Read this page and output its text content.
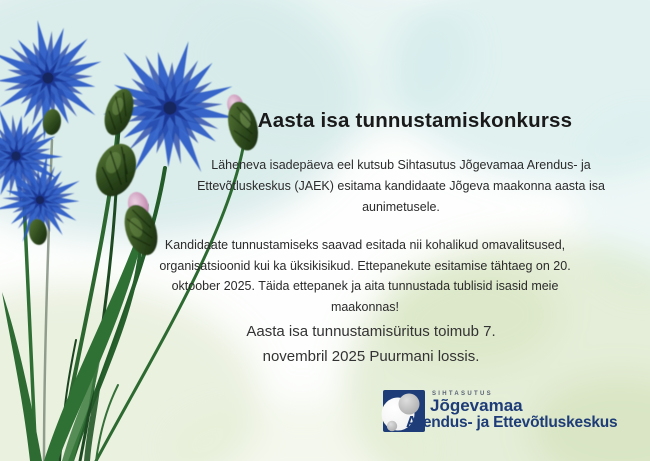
Aasta isa tunnustamiskonkurss
Läheneva isadepäeva eel kutsub Sihtasutus Jõgevamaa Arendus- ja
Ettevõtluskeskus (JAEK) esitama kandidaate Jõgeva maakonna aasta isa
aunimetusele.
Kandidaate tunnustamiseks saavad esitada nii kohalikud omavalitsused,
organisatsioonid kui ka üksikisikud. Ettepanekute esitamise tähtaeg on 20.
oktoober 2025. Täida ettepanek ja aita tunnustada tublisid isasid meie
maakonnas!
Aasta isa tunnustamisüritus toimub 7.
novembril 2025 Puurmani lossis.
SIHTASUTUS
Jõgevamaa
Arendus- ja Ettevõtluskeskus
